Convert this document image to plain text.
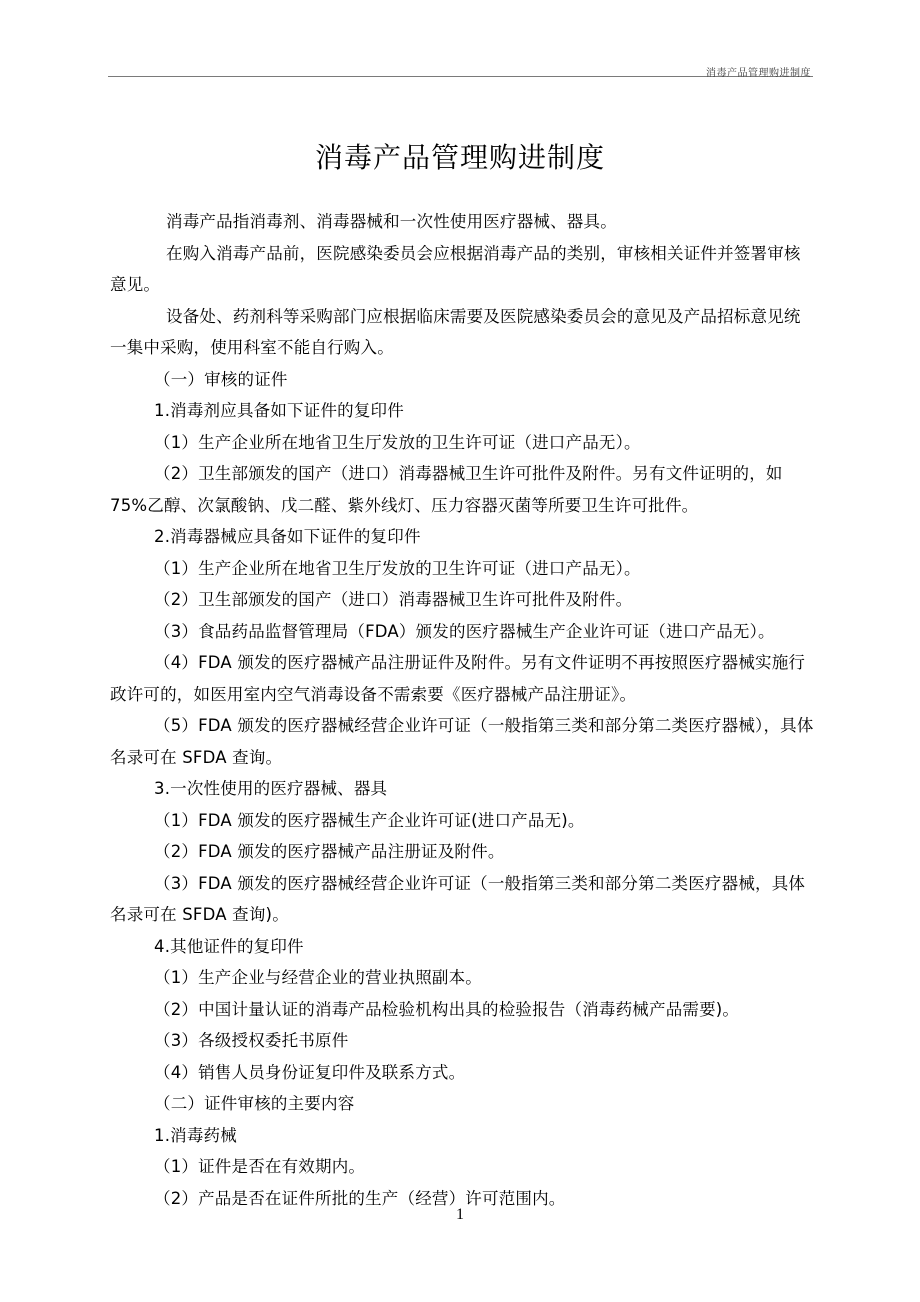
消毒产品管理购进制度
消毒产品管理购进制度

消毒产品指消毒剂、消毒器械和一次性使用医疗器械、器具。

在购入消毒产品前，医院感染委员会应根据消毒产品的类别，审核相关证件并签署审核意见。

设备处、药剂科等采购部门应根据临床需要及医院感染委员会的意见及产品招标意见统一集中采购，使用科室不能自行购入。

（一）审核的证件

1.消毒剂应具备如下证件的复印件

（1）生产企业所在地省卫生厅发放的卫生许可证（进口产品无）。

（2）卫生部颁发的国产（进口）消毒器械卫生许可批件及附件。另有文件证明的，如 75%乙醇、次氯酸钠、戊二醛、紫外线灯、压力容器灭菌等所要卫生许可批件。

2.消毒器械应具备如下证件的复印件

（1）生产企业所在地省卫生厅发放的卫生许可证（进口产品无）。

（2）卫生部颁发的国产（进口）消毒器械卫生许可批件及附件。

（3）食品药品监督管理局（FDA）颁发的医疗器械生产企业许可证（进口产品无）。

（4）FDA 颁发的医疗器械产品注册证件及附件。另有文件证明不再按照医疗器械实施行政许可的，如医用室内空气消毒设备不需索要《医疗器械产品注册证》。

（5）FDA 颁发的医疗器械经营企业许可证（一般指第三类和部分第二类医疗器械），具体名录可在 SFDA 查询。

3.一次性使用的医疗器械、器具

（1）FDA 颁发的医疗器械生产企业许可证(进口产品无)。

（2）FDA 颁发的医疗器械产品注册证及附件。

（3）FDA 颁发的医疗器械经营企业许可证（一般指第三类和部分第二类医疗器械，具体名录可在 SFDA 查询)。

4.其他证件的复印件

（1）生产企业与经营企业的营业执照副本。

（2）中国计量认证的消毒产品检验机构出具的检验报告（消毒药械产品需要)。

（3）各级授权委托书原件

（4）销售人员身份证复印件及联系方式。

（二）证件审核的主要内容

1.消毒药械

（1）证件是否在有效期内。

（2）产品是否在证件所批的生产（经营）许可范围内。

1
